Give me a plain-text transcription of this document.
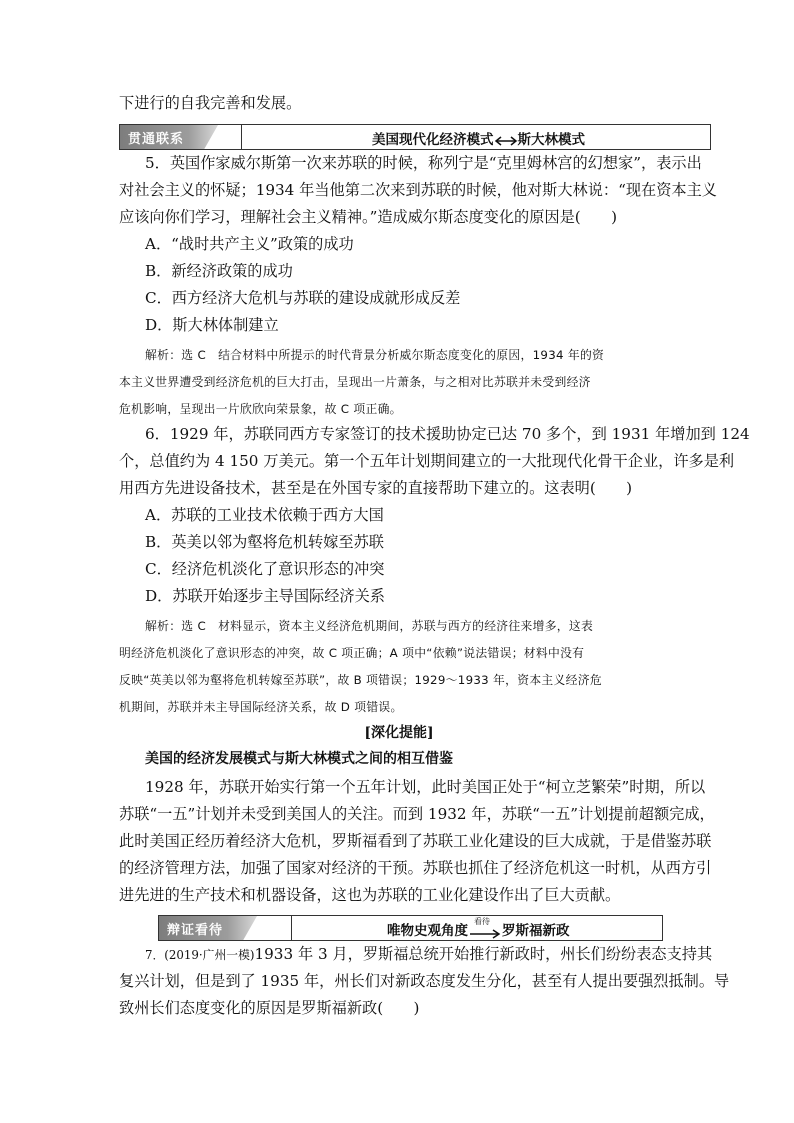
下进行的自我完善和发展。
贯通联系	美国现代化经济模式 斯大林模式
5．英国作家威尔斯第一次来苏联的时候，称列宁是“克里姆林宫的幻想家”，表示出
对社会主义的怀疑；1934 年当他第二次来到苏联的时候，他对斯大林说：“现在资本主义
应该向你们学习，理解社会主义精神。”造成威尔斯态度变化的原因是(　　)
A．“战时共产主义”政策的成功
B．新经济政策的成功
C．西方经济大危机与苏联的建设成就形成反差
D．斯大林体制建立
解析：选 C　结合材料中所提示的时代背景分析威尔斯态度变化的原因，1934 年的资
本主义世界遭受到经济危机的巨大打击，呈现出一片萧条，与之相对比苏联并未受到经济
危机影响，呈现出一片欣欣向荣景象，故 C 项正确。
6．1929 年，苏联同西方专家签订的技术援助协定已达 70 多个，到 1931 年增加到 124
个，总值约为 4 150 万美元。第一个五年计划期间建立的一大批现代化骨干企业，许多是利
用西方先进设备技术，甚至是在外国专家的直接帮助下建立的。这表明(　　)
A．苏联的工业技术依赖于西方大国
B．英美以邻为壑将危机转嫁至苏联
C．经济危机淡化了意识形态的冲突
D．苏联开始逐步主导国际经济关系
解析：选 C　材料显示，资本主义经济危机期间，苏联与西方的经济往来增多，这表
明经济危机淡化了意识形态的冲突，故 C 项正确；A 项中“依赖”说法错误；材料中没有
反映“英美以邻为壑将危机转嫁至苏联”，故 B 项错误；1929～1933 年，资本主义经济危
机期间，苏联并未主导国际经济关系，故 D 项错误。
[深化提能]
美国的经济发展模式与斯大林模式之间的相互借鉴
1928 年，苏联开始实行第一个五年计划，此时美国正处于“柯立芝繁荣”时期，所以
苏联“一五”计划并未受到美国人的关注。而到 1932 年，苏联“一五”计划提前超额完成，
此时美国正经历着经济大危机，罗斯福看到了苏联工业化建设的巨大成就，于是借鉴苏联
的经济管理方法，加强了国家对经济的干预。苏联也抓住了经济危机这一时机，从西方引
进先进的生产技术和机器设备，这也为苏联的工业化建设作出了巨大贡献。
辩证看待	唯物史观角度
看待
罗斯福新政
7．(2019·广州一模)1933 年 3 月，罗斯福总统开始推行新政时，州长们纷纷表态支持其
复兴计划，但是到了 1935 年，州长们对新政态度发生分化，甚至有人提出要强烈抵制。导
致州长们态度变化的原因是罗斯福新政(　　)
